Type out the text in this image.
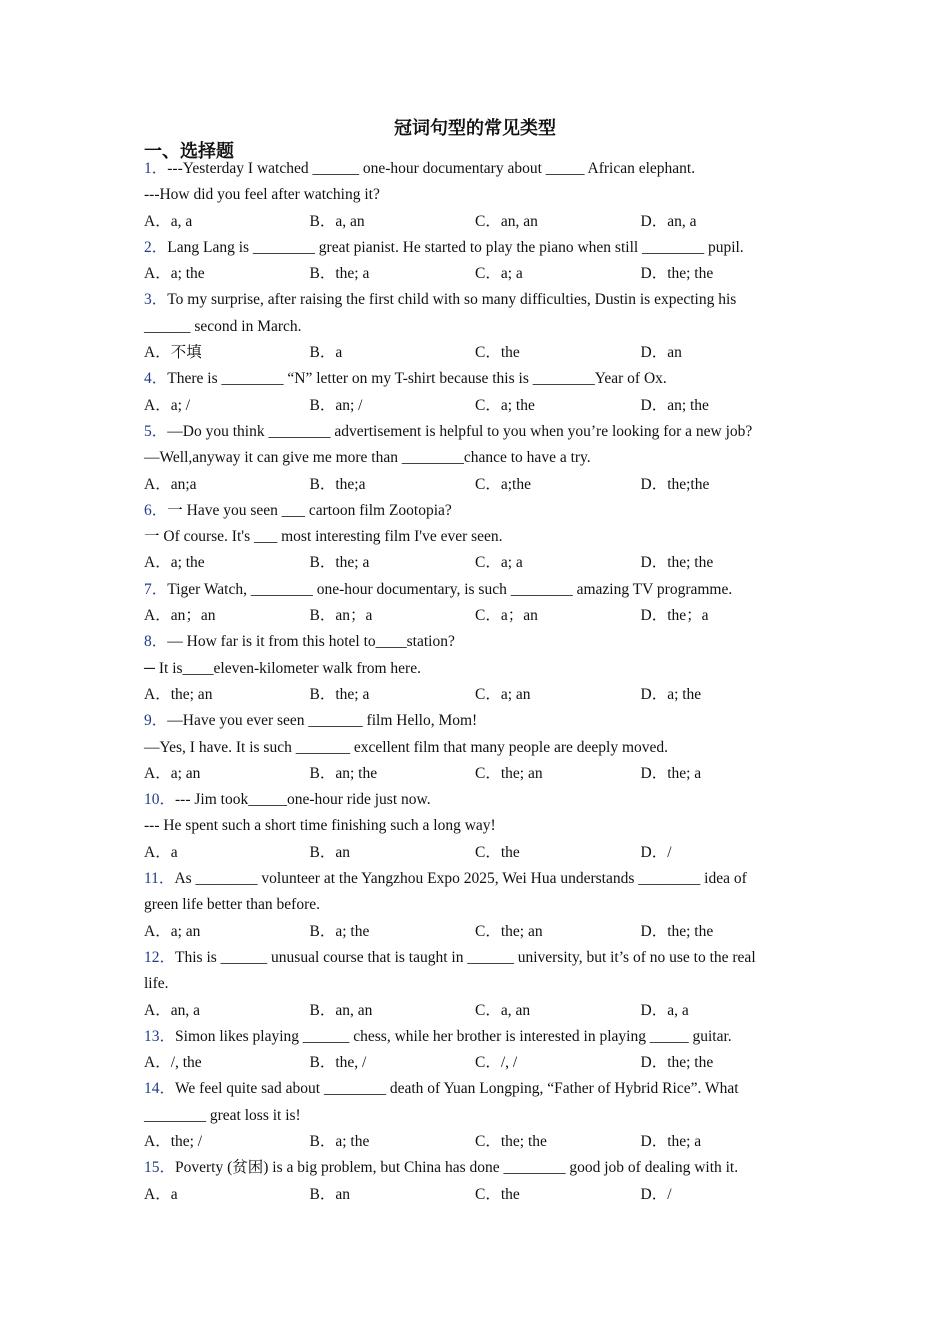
冠词句型的常见类型
一、选择题
1．---Yesterday I watched ______ one-hour documentary about _____ African elephant.
---How did you feel after watching it?
A．a, a	B．a, an	C．an, an	D．an, a
2．Lang Lang is ________ great pianist. He started to play the piano when still ________ pupil.
A．a; the	B．the; a	C．a; a	D．the; the
3．To my surprise, after raising the first child with so many difficulties, Dustin is expecting his
______ second in March.
A．不填	B．a	C．the	D．an
4．There is ________ “N” letter on my T-shirt because this is ________Year of Ox.
A．a; /	B．an; /	C．a; the	D．an; the
5．—Do you think ________ advertisement is helpful to you when you’re looking for a new job?
—Well,anyway it can give me more than ________chance to have a try.
A．an;a	B．the;a	C．a;the	D．the;the
6．一 Have you seen ___ cartoon film Zootopia?
一 Of course. It's ___ most interesting film I've ever seen.
A．a; the	B．the; a	C．a; a	D．the; the
7．Tiger Watch, ________ one-hour documentary, is such ________ amazing TV programme.
A．an；an	B．an；a	C．a；an	D．the；a
8．— How far is it from this hotel to____station?
─ It is____eleven-kilometer walk from here.
A．the; an	B．the; a	C．a; an	D．a; the
9．—Have you ever seen _______ film Hello, Mom!
—Yes, I have. It is such _______ excellent film that many people are deeply moved.
A．a; an	B．an; the	C．the; an	D．the; a
10．--- Jim took_____one-hour ride just now.
--- He spent such a short time finishing such a long way!
A．a	B．an	C．the	D．/
11．As ________ volunteer at the Yangzhou Expo 2025, Wei Hua understands ________ idea of
green life better than before.
A．a; an	B．a; the	C．the; an	D．the; the
12．This is ______ unusual course that is taught in ______ university, but it’s of no use to the real
life.
A．an, a	B．an, an	C．a, an	D．a, a
13．Simon likes playing ______ chess, while her brother is interested in playing _____ guitar.
A．/, the	B．the, /	C．/, /	D．the; the
14．We feel quite sad about ________ death of Yuan Longping, “Father of Hybrid Rice”. What
________ great loss it is!
A．the; /	B．a; the	C．the; the	D．the; a
15．Poverty (贫困) is a big problem, but China has done ________ good job of dealing with it.
A．a	B．an	C．the	D．/
